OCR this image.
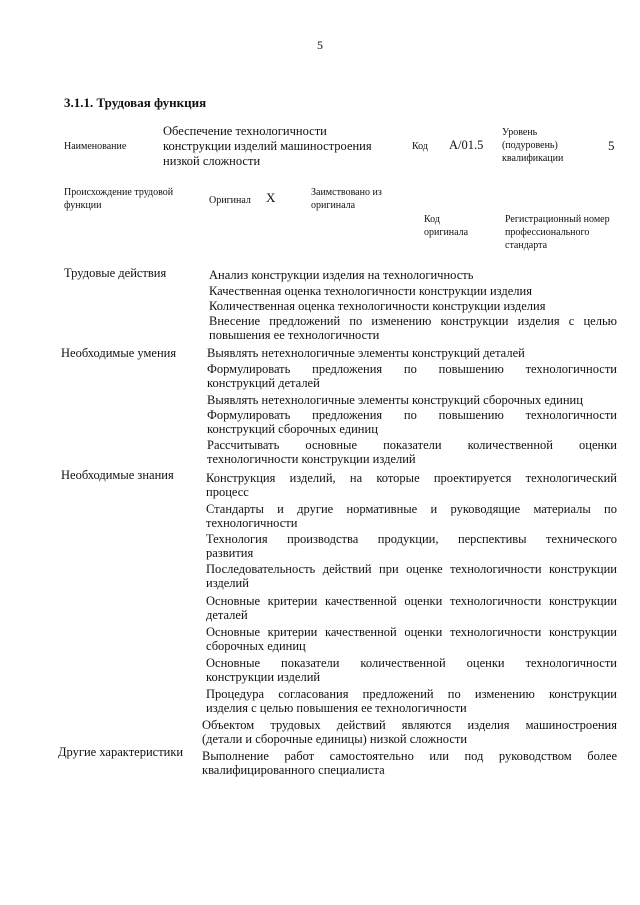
5
3.1.1. Трудовая функция
Наименование
Обеспечение технологичности
конструкции изделий машиностроения
низкой сложности
Код A/01.5
Уровень
(подуровень)
квалификации
5
Происхождение трудовой
функции	Оригинал X	Заимствовано из
оригинала
Код
оригинала
Регистрационный номер
профессионального
стандарта
Трудовые действия
Необходимые умения
Необходимые знания
Другие характеристики
Анализ конструкции изделия на технологичность
Качественная оценка технологичности конструкции изделия
Количественная оценка технологичности конструкции изделия
Внесение предложений по изменению конструкции изделия с целью
повышения ее технологичности
Выявлять нетехнологичные элементы конструкций деталей
Формулировать предложения по повышению технологичности
конструкций деталей
Выявлять нетехнологичные элементы конструкций сборочных единиц
Формулировать предложения по повышению технологичности
конструкций сборочных единиц
Рассчитывать основные показатели количественной оценки
технологичности конструкции изделий
Конструкция изделий, на которые проектируется технологический
процесс
Стандарты и другие нормативные и руководящие материалы по
технологичности
Технология производства продукции, перспективы технического
развития
Последовательность действий при оценке технологичности конструкции
изделий
Основные критерии качественной оценки технологичности конструкции
деталей
Основные критерии качественной оценки технологичности конструкции
сборочных единиц
Основные показатели количественной оценки технологичности
конструкции изделий
Процедура согласования предложений по изменению конструкции
изделия с целью повышения ее технологичности
Объектом трудовых действий являются изделия машиностроения
(детали и сборочные единицы) низкой сложности
Выполнение работ самостоятельно или под руководством более
квалифицированного специалиста
